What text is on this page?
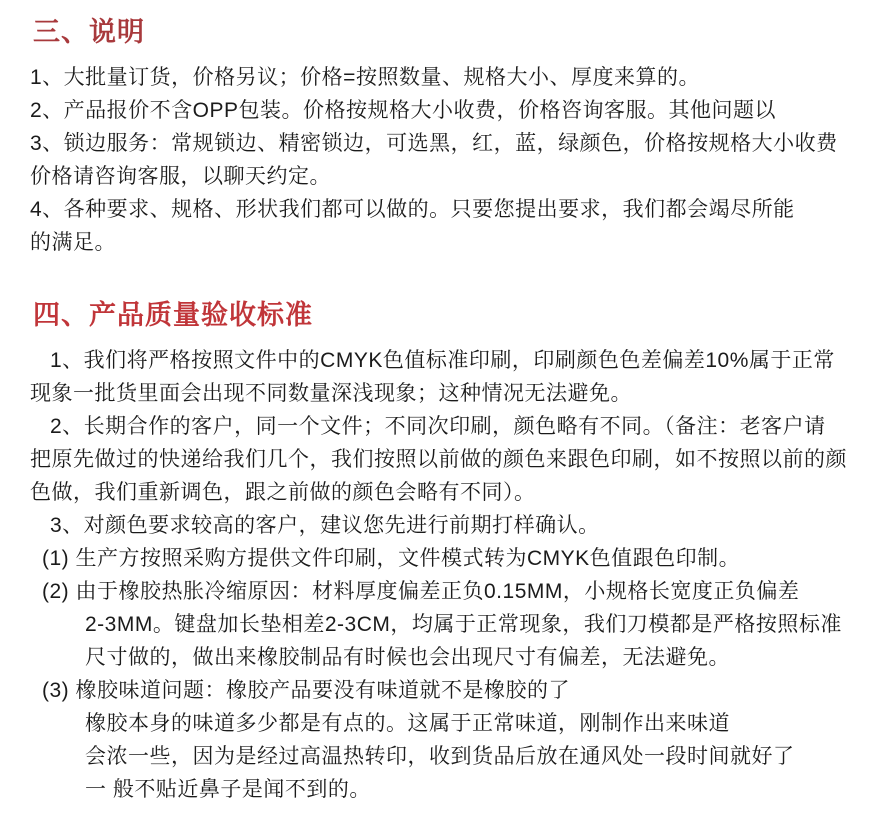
三、说明
1、大批量订货，价格另议；价格=按照数量、规格大小、厚度来算的。
2、产品报价不含OPP包装。价格按规格大小收费，价格咨询客服。其他问题以
3、锁边服务：常规锁边、精密锁边，可选黑，红，蓝，绿颜色，价格按规格大小收费
价格请咨询客服，以聊天约定。
4、各种要求、规格、形状我们都可以做的。只要您提出要求，我们都会竭尽所能
的满足。
四、产品质量验收标准
1、我们将严格按照文件中的CMYK色值标准印刷，印刷颜色色差偏差10%属于正常
现象一批货里面会出现不同数量深浅现象；这种情况无法避免。
2、长期合作的客户，同一个文件；不同次印刷，颜色略有不同。（备注：老客户请
把原先做过的快递给我们几个，我们按照以前做的颜色来跟色印刷，如不按照以前的颜
色做，我们重新调色，跟之前做的颜色会略有不同）。
3、对颜色要求较高的客户，建议您先进行前期打样确认。
(1) 生产方按照采购方提供文件印刷，文件模式转为CMYK色值跟色印制。
(2) 由于橡胶热胀冷缩原因：材料厚度偏差正负0.15MM，小规格长宽度正负偏差
2-3MM。键盘加长垫相差2-3CM，均属于正常现象，我们刀模都是严格按照标准
尺寸做的，做出来橡胶制品有时候也会出现尺寸有偏差，无法避免。
(3) 橡胶味道问题：橡胶产品要没有味道就不是橡胶的了
橡胶本身的味道多少都是有点的。这属于正常味道，刚制作出来味道
会浓一些，因为是经过高温热转印，收到货品后放在通风处一段时间就好了
一 般不贴近鼻子是闻不到的。
